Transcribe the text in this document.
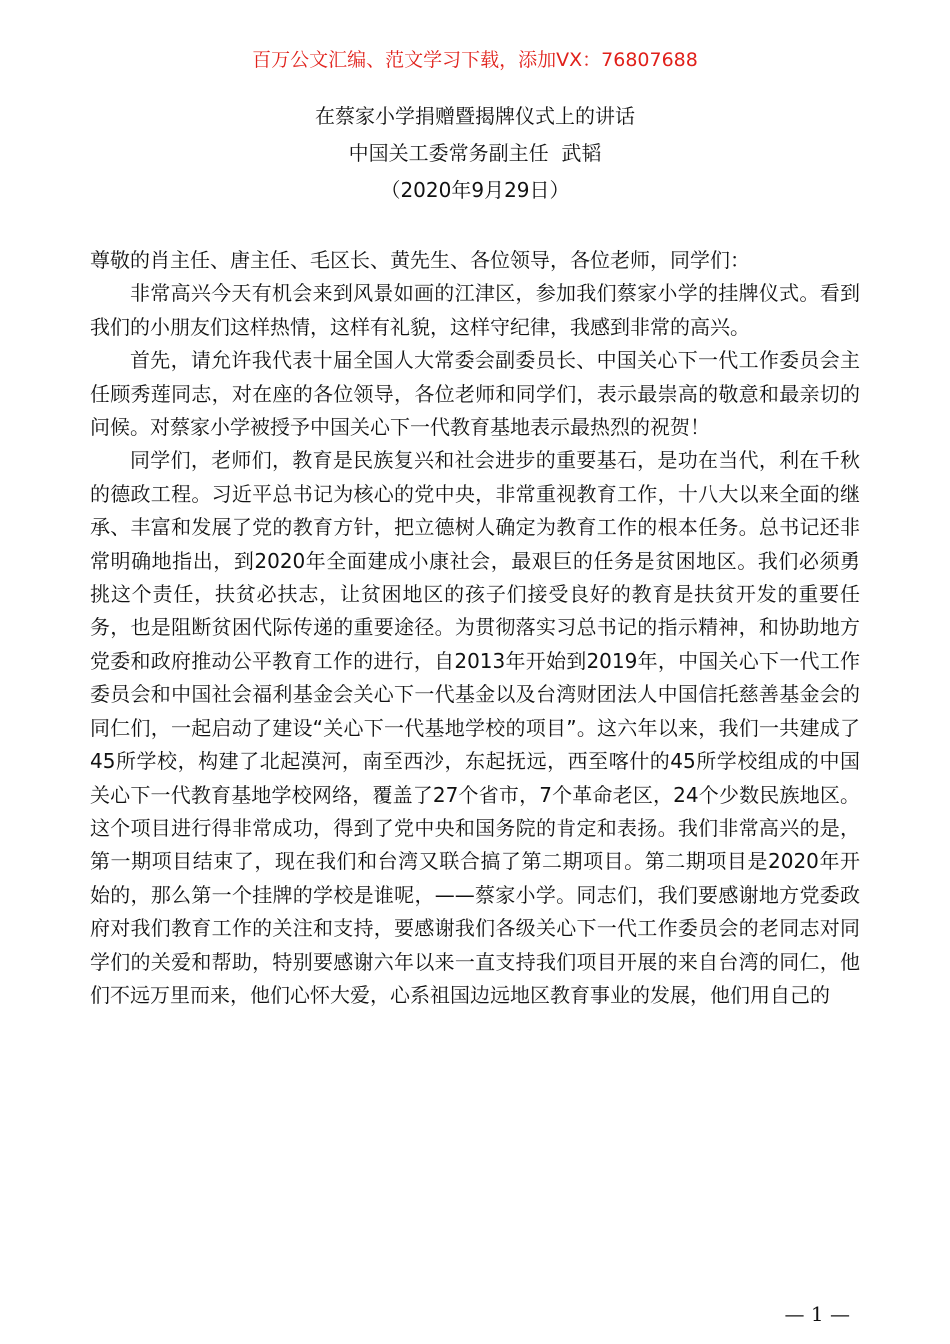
百万公文汇编、范文学习下载，添加VX：76807688
在蔡家小学捐赠暨揭牌仪式上的讲话
中国关工委常务副主任  武韬
（2020年9月29日）

尊敬的肖主任、唐主任、毛区长、黄先生、各位领导，各位老师，同学们：

非常高兴今天有机会来到风景如画的江津区，参加我们蔡家小学的挂牌仪式。看到我们的小朋友们这样热情，这样有礼貌，这样守纪律，我感到非常的高兴。

首先，请允许我代表十届全国人大常委会副委员长、中国关心下一代工作委员会主任顾秀莲同志，对在座的各位领导，各位老师和同学们，表示最崇高的敬意和最亲切的问候。对蔡家小学被授予中国关心下一代教育基地表示最热烈的祝贺！

同学们，老师们，教育是民族复兴和社会进步的重要基石，是功在当代，利在千秋的德政工程。习近平总书记为核心的党中央，非常重视教育工作，十八大以来全面的继承、丰富和发展了党的教育方针，把立德树人确定为教育工作的根本任务。总书记还非常明确地指出，到2020年全面建成小康社会，最艰巨的任务是贫困地区。我们必须勇挑这个责任，扶贫必扶志，让贫困地区的孩子们接受良好的教育是扶贫开发的重要任务，也是阻断贫困代际传递的重要途径。为贯彻落实习总书记的指示精神，和协助地方党委和政府推动公平教育工作的进行，自2013年开始到2019年，中国关心下一代工作委员会和中国社会福利基金会关心下一代基金以及台湾财团法人中国信托慈善基金会的同仁们，一起启动了建设“关心下一代基地学校的项目”。这六年以来，我们一共建成了45所学校，构建了北起漠河，南至西沙，东起抚远，西至喀什的45所学校组成的中国关心下一代教育基地学校网络，覆盖了27个省市，7个革命老区，24个少数民族地区。这个项目进行得非常成功，得到了党中央和国务院的肯定和表扬。我们非常高兴的是，第一期项目结束了，现在我们和台湾又联合搞了第二期项目。第二期项目是2020年开始的，那么第一个挂牌的学校是谁呢，——蔡家小学。同志们，我们要感谢地方党委政府对我们教育工作的关注和支持，要感谢我们各级关心下一代工作委员会的老同志对同学们的关爱和帮助，特别要感谢六年以来一直支持我们项目开展的来自台湾的同仁，他们不远万里而来，他们心怀大爱，心系祖国边远地区教育事业的发展，他们用自己的

— 1 —
